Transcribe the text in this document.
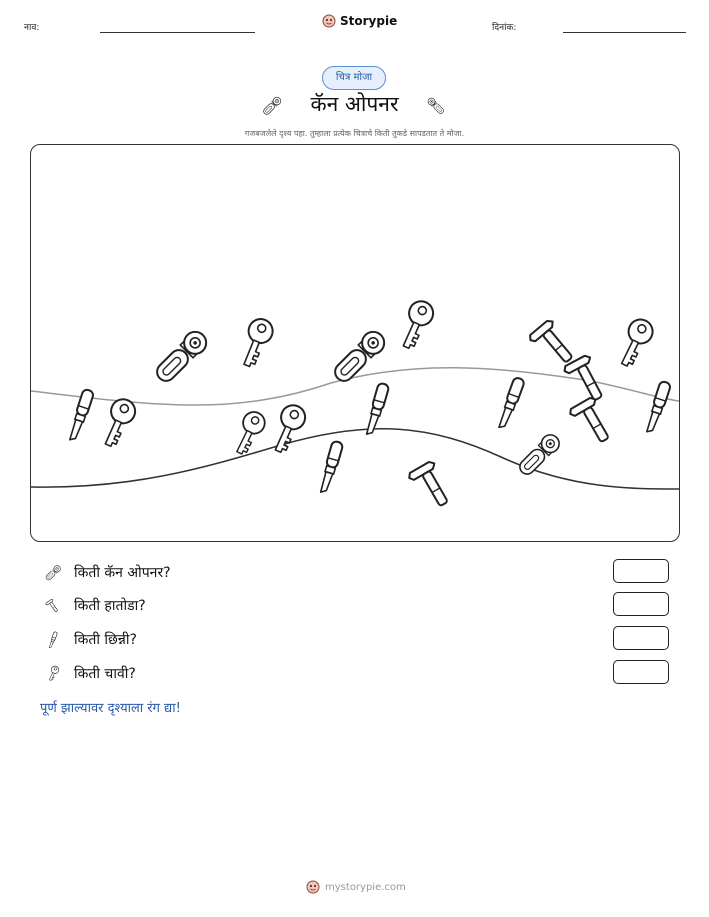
नाव:	Storypie	दिनांक:
चित्र मोजा
कॅन ओपनर
गजबजलेले दृश्य पहा. तुम्हाला प्रत्येक चित्राचे किती तुकडे सापडतात ते मोजा.
किती कॅन ओपनर?
किती हातोडा?
किती छिन्नी?
किती चावी?
पूर्ण झाल्यावर दृश्याला रंग द्या!
mystorypie.com
